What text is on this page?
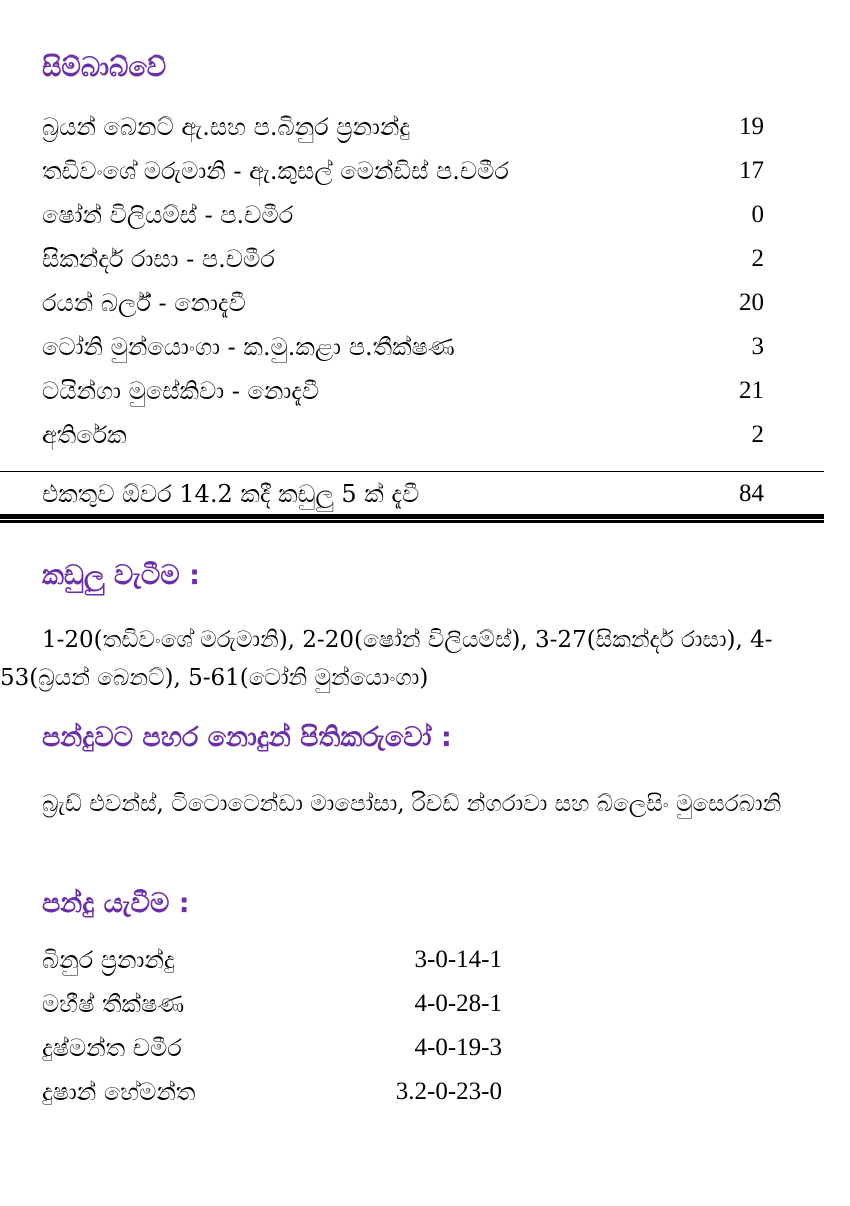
සිම්බාබ්වේ
බ්‍රයන් බෙනට් ඇ.සහ ප.බිනුර ප්‍රනාන්දු	19
තඩිවංශේ මරුමානි - ඇ.කුසල් මෙන්ඩිස් ප.චමීර	17
ෂෝන් විලියම්ස් - ප.චමීර	0
සිකන්දර් රාසා - ප.චමීර	2
රයන් බර්ල් - නොදැවී	20
ටෝනි මුන්යොංගා - ක.මු.කළා ප.තීක්ෂණ	3
ටයින්ගා මුසේකිවා - නොදැවී	21
අතිරේක	2
එකතුව ඕවර 14.2 කදී කඩුලු 5 ක් දැවී	84
කඩුලු වැටීම :

1-20(තඩිවංශේ මරුමානි), 2-20(ෂෝන් විලියම්ස්), 3-27(සිකන්දර් රාසා), 4-53(බ්‍රයන් බෙනට්), 5-61(ටෝනි මුන්යොංගා)

පන්දුවට පහර නොදුන් පිතිකරුවෝ :

බ්‍රැඩ් එවන්ස්, ටිටොටෙන්ඩා මාපෝසා, රිචඩ් න්ගරාවා සහ බ්ලෙසිං මුසෙරබානි

පන්දු යැවීම :
බිනුර ප්‍රනාන්දු	3-0-14-1
මහීෂ් තීක්ෂණ	4-0-28-1
දුෂ්මන්ත චමීර	4-0-19-3
දුෂාන් හේමන්ත	3.2-0-23-0
